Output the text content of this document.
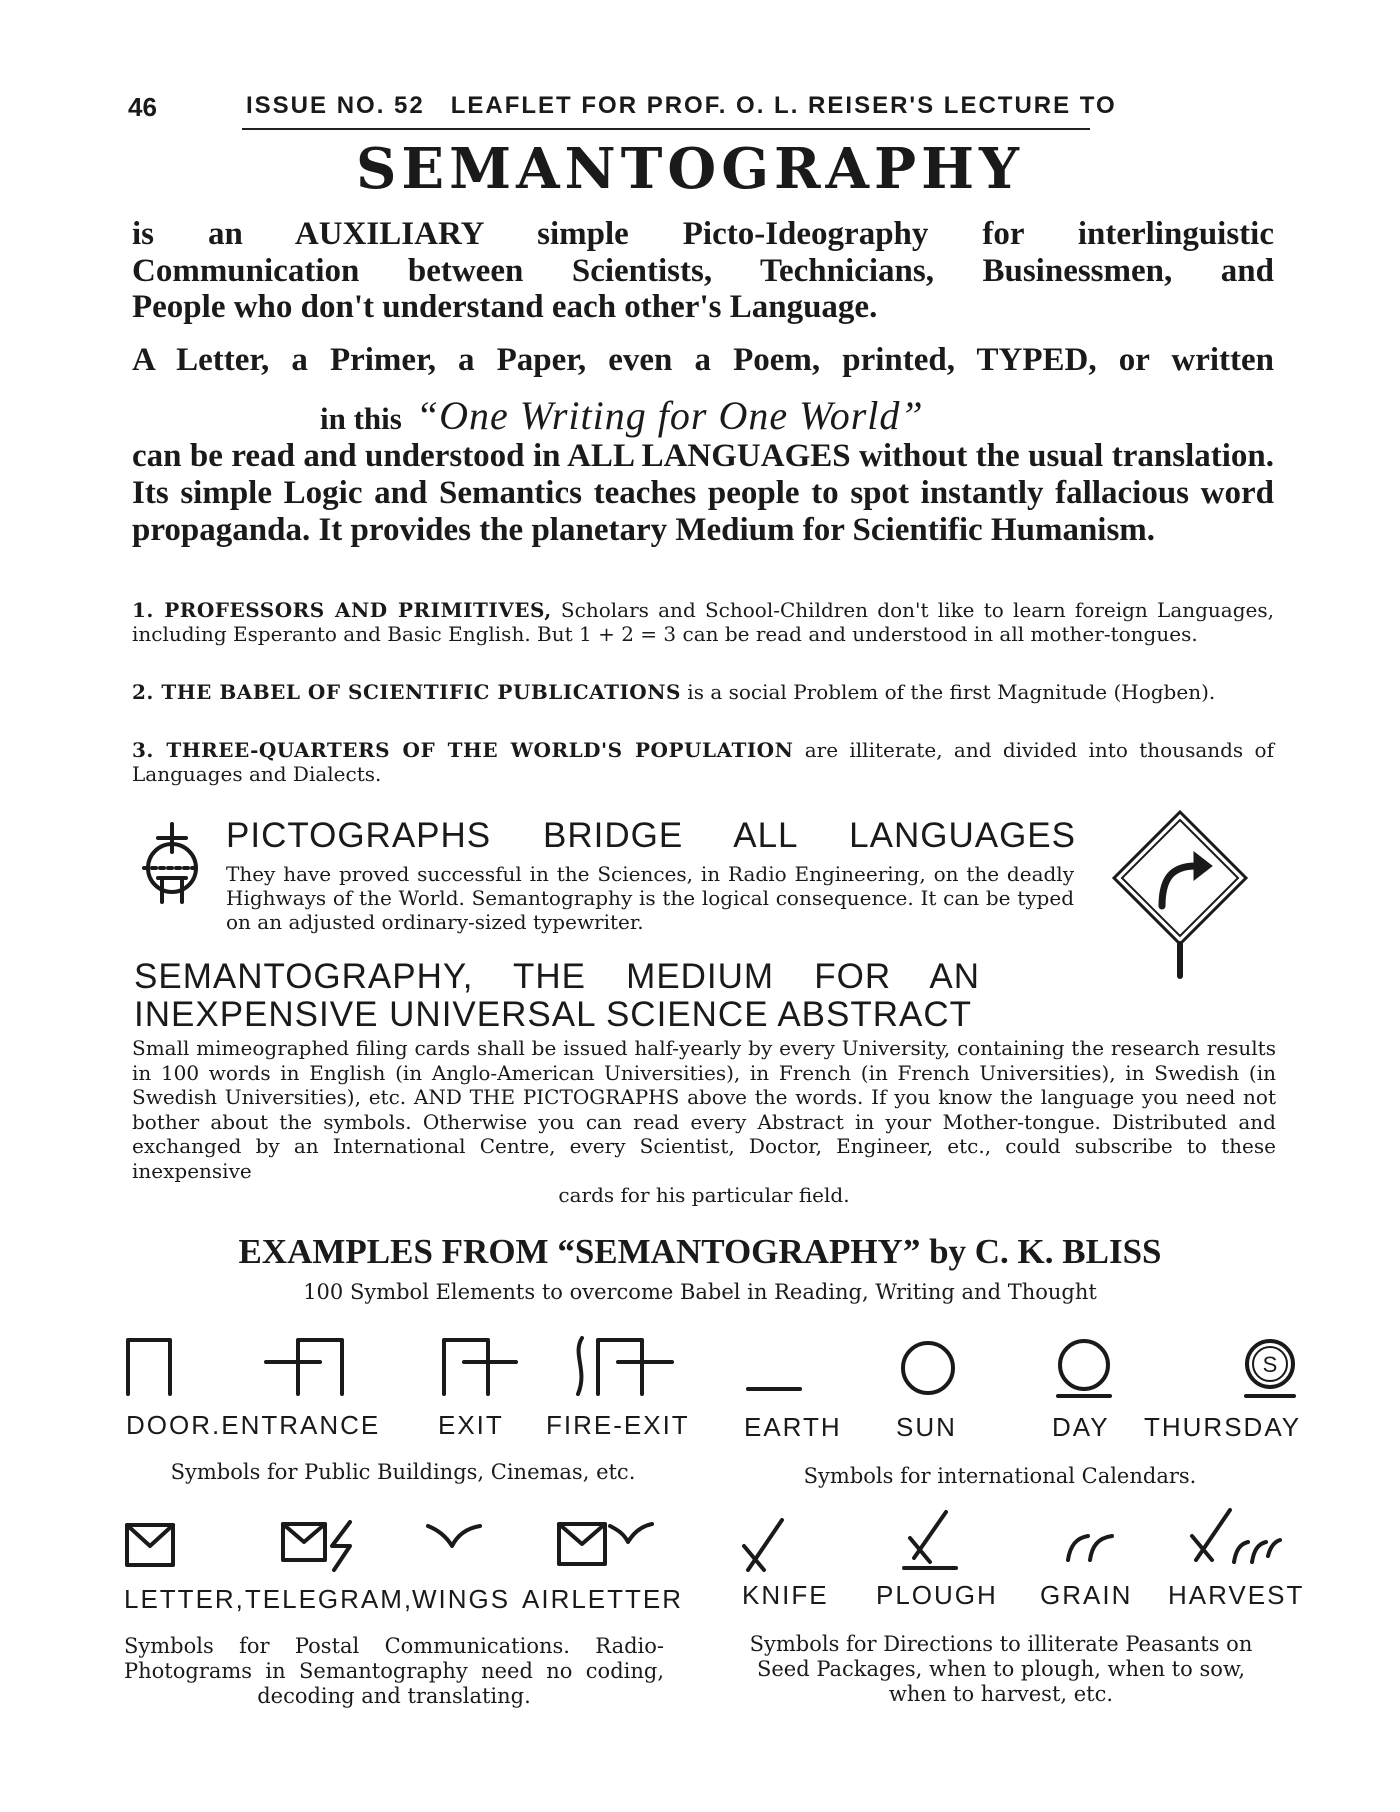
46	ISSUE NO. 52   LEAFLET FOR PROF. O. L. REISER'S LECTURE TO
SEMANTOGRAPHY
is an AUXILIARY simple Picto-Ideography for interlinguistic
Communication between Scientists, Technicians, Businessmen, and
People who don't understand each other's Language.
A Letter, a Primer, a Paper, even a Poem, printed, TYPED, or written
in this “One Writing for One World”
can be read and understood in ALL LANGUAGES without the usual translation. Its simple Logic and Semantics teaches people to spot instantly fallacious word propaganda. It provides the planetary Medium for Scientific Humanism.
1. PROFESSORS AND PRIMITIVES, Scholars and School-Children don't like to learn foreign Languages, including Esperanto and Basic English. But 1 + 2 = 3 can be read and understood in all mother-tongues.
2. THE BABEL OF SCIENTIFIC PUBLICATIONS is a social Problem of the first Magnitude (Hogben).
3. THREE-QUARTERS OF THE WORLD'S POPULATION are illiterate, and divided into thousands of Languages and Dialects.
PICTOGRAPHS BRIDGE ALL LANGUAGES
They have proved successful in the Sciences, in Radio Engineering, on the deadly Highways of the World. Semantography is the logical consequence. It can be typed on an adjusted ordinary-sized typewriter.
SEMANTOGRAPHY, THE MEDIUM FOR AN
INEXPENSIVE UNIVERSAL SCIENCE ABSTRACT
Small mimeographed filing cards shall be issued half-yearly by every University, containing the research results in 100 words in English (in Anglo-American Universities), in French (in French Universities), in Swedish (in Swedish Universities), etc. AND THE PICTOGRAPHS above the words. If you know the language you need not bother about the symbols. Otherwise you can read every Abstract in your Mother-tongue. Distributed and exchanged by an International Centre, every Scientist, Doctor, Engineer, etc., could subscribe to these inexpensive
cards for his particular field.
EXAMPLES FROM “SEMANTOGRAPHY” by C. K. BLISS
100 Symbol Elements to overcome Babel in Reading, Writing and Thought
DOOR.ENTRANCE EXIT FIRE-EXIT
Symbols for Public Buildings, Cinemas, etc.
S
EARTH SUN	DAY THURSDAY
Symbols for international Calendars.
LETTER,TELEGRAM,
WINGS AIRLETTER
Symbols for Postal Communications. Radio-Photograms in Semantography need no coding, decoding and translating.
KNIFE PLOUGH GRAIN HARVEST
Symbols for Directions to illiterate Peasants on Seed Packages, when to plough, when to sow, when to harvest, etc.
